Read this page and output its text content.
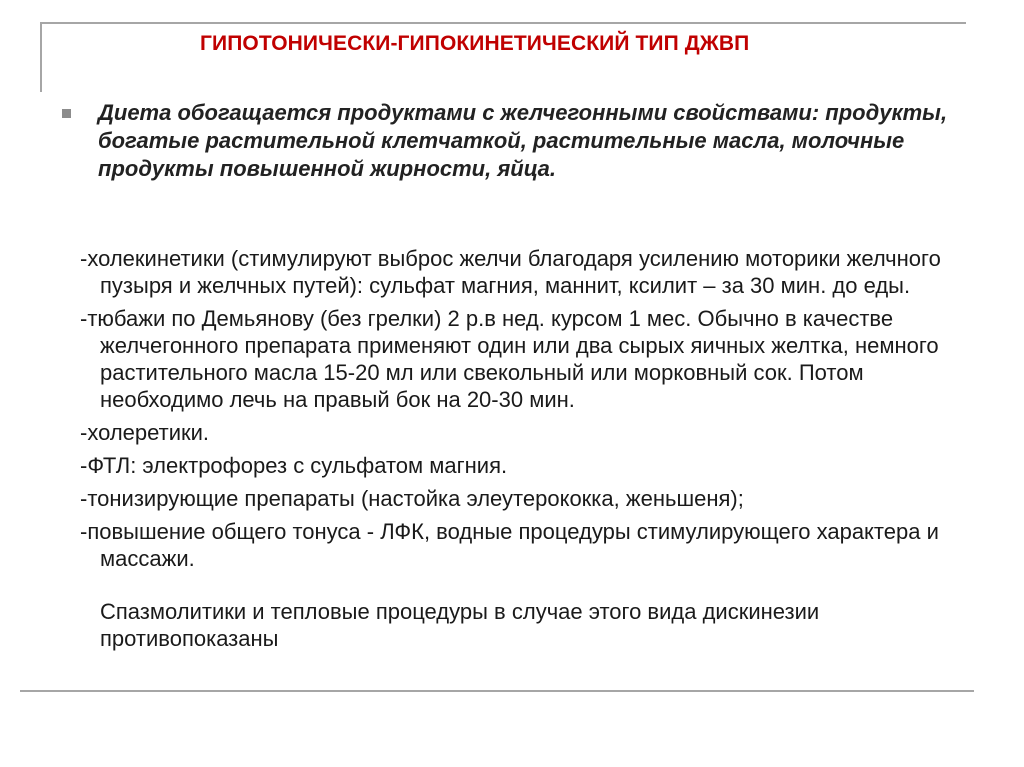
ГИПОТОНИЧЕСКИ-ГИПОКИНЕТИЧЕСКИЙ ТИП ДЖВП
Диета обогащается продуктами с желчегонными свойствами: продукты, богатые растительной клетчаткой, растительные масла, молочные продукты повышенной жирности, яйца.

-холекинетики (стимулируют выброс желчи благодаря усилению моторики желчного пузыря и желчных путей): сульфат магния, маннит, ксилит – за 30 мин. до еды.

-тюбажи по Демьянову (без грелки) 2 р.в нед. курсом 1 мес. Обычно в качестве желчегонного препарата применяют один или два сырых яичных желтка, немного растительного масла 15-20 мл или свекольный или морковный сок. Потом необходимо лечь на правый бок на 20-30 мин.

-холеретики.

-ФТЛ: электрофорез с сульфатом магния.

-тонизирующие препараты (настойка элеутерококка, женьшеня);

-повышение общего тонуса - ЛФК, водные процедуры стимулирующего характера и массажи.

Спазмолитики и тепловые процедуры в случае этого вида дискинезии противопоказаны
